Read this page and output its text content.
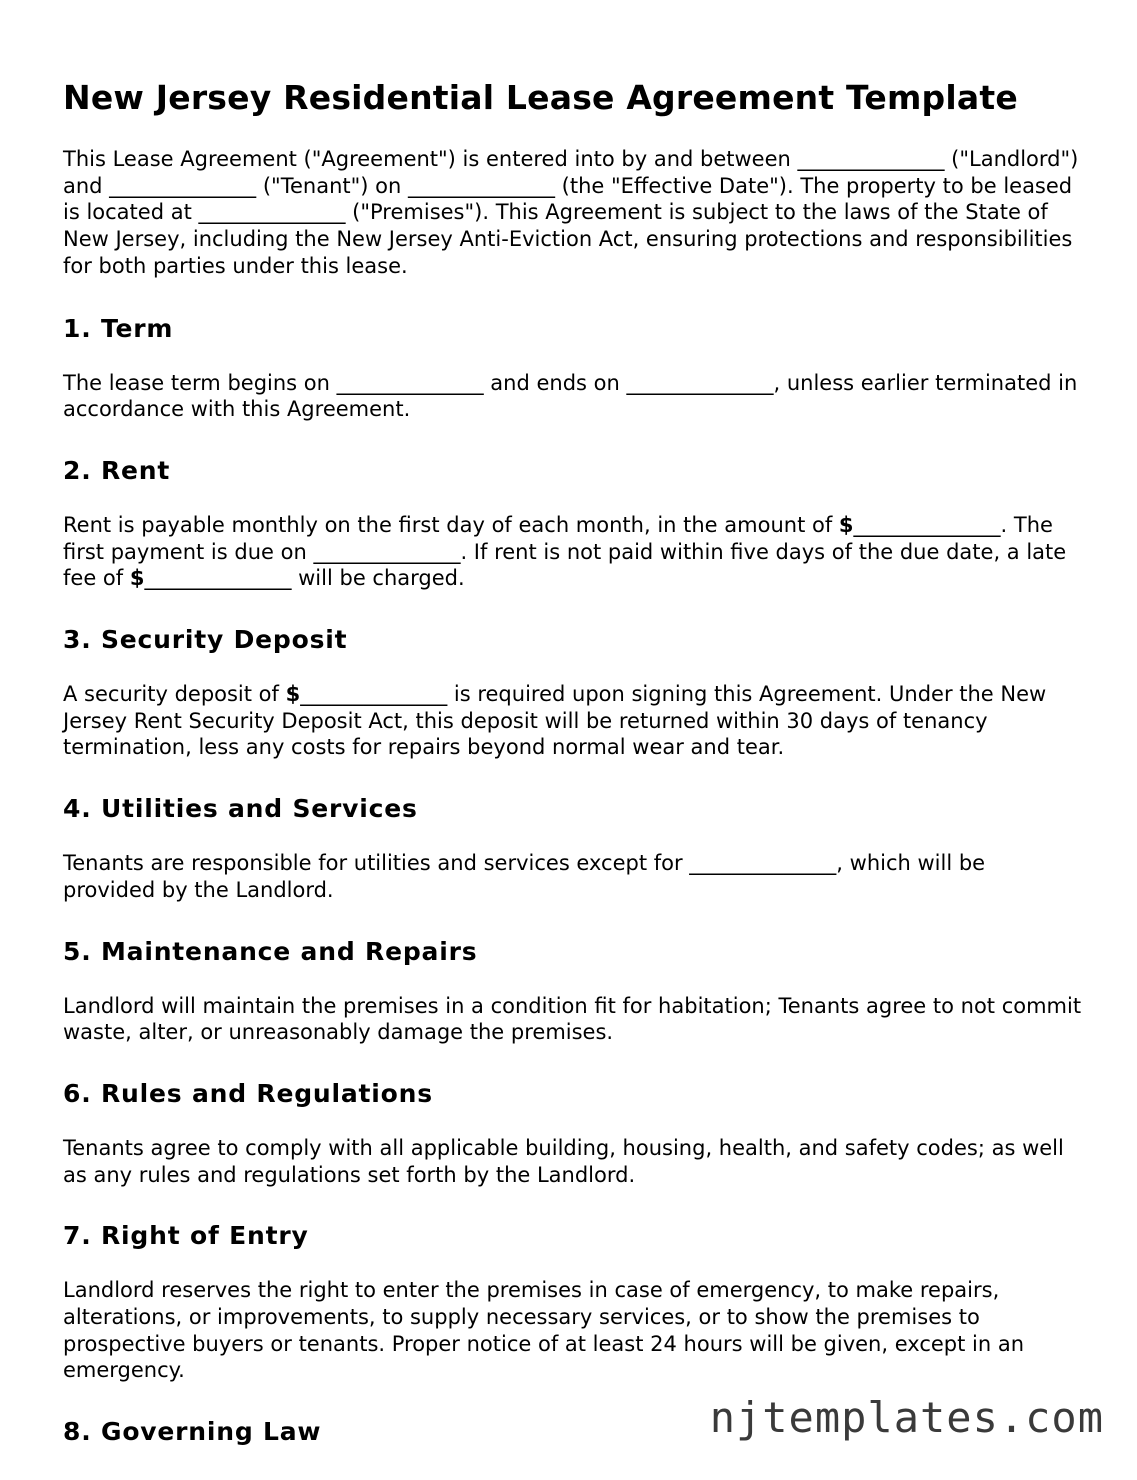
New Jersey Residential Lease Agreement Template

This Lease Agreement ("Agreement") is entered into by and between ______________ ("Landlord") and ______________ ("Tenant") on ______________ (the "Effective Date"). The property to be leased is located at ______________ ("Premises"). This Agreement is subject to the laws of the State of New Jersey, including the New Jersey Anti-Eviction Act, ensuring protections and responsibilities for both parties under this lease.

1. Term

The lease term begins on ______________ and ends on ______________, unless earlier terminated in accordance with this Agreement.

2. Rent

Rent is payable monthly on the first day of each month, in the amount of $______________. The first payment is due on ______________. If rent is not paid within five days of the due date, a late fee of $______________ will be charged.

3. Security Deposit

A security deposit of $______________ is required upon signing this Agreement. Under the New Jersey Rent Security Deposit Act, this deposit will be returned within 30 days of tenancy termination, less any costs for repairs beyond normal wear and tear.

4. Utilities and Services

Tenants are responsible for utilities and services except for ______________, which will be provided by the Landlord.

5. Maintenance and Repairs

Landlord will maintain the premises in a condition fit for habitation; Tenants agree to not commit waste, alter, or unreasonably damage the premises.

6. Rules and Regulations

Tenants agree to comply with all applicable building, housing, health, and safety codes; as well as any rules and regulations set forth by the Landlord.

7. Right of Entry

Landlord reserves the right to enter the premises in case of emergency, to make repairs, alterations, or improvements, to supply necessary services, or to show the premises to prospective buyers or tenants. Proper notice of at least 24 hours will be given, except in an emergency.

8. Governing Law	njtemplates.com
